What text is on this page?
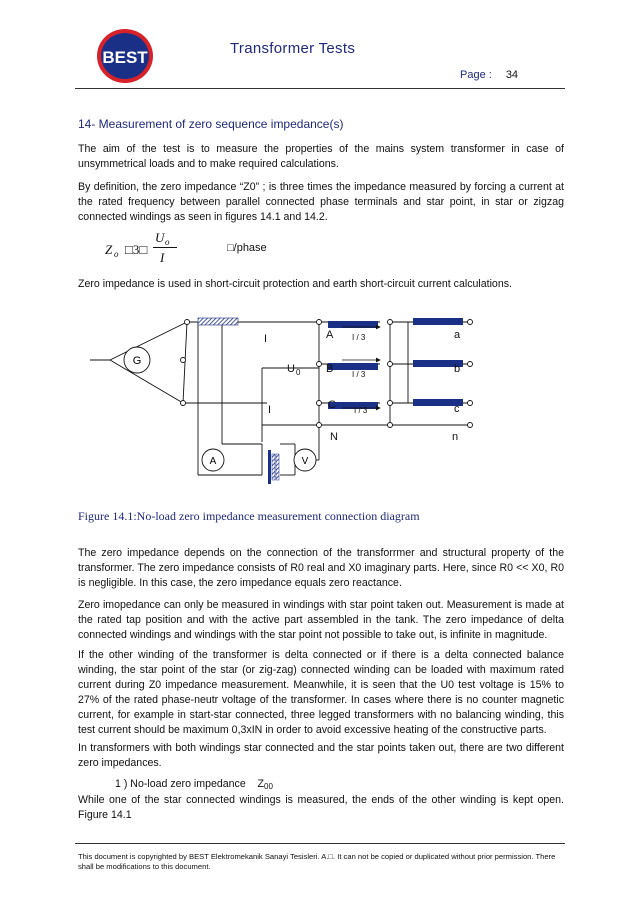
BEST	Transformer Tests
Page : 34
14- Measurement of zero sequence impedance(s)
The aim of the test is to measure the properties of the mains system transformer in case of unsymmetrical loads and to make required calculations.
By definition, the zero impedance “Z0” ; is three times the impedance measured by forcing a current at the rated frequency between parallel connected phase terminals and star point, in star or zigzag connected windings as seen in figures 14.1 and 14.2.
Z o □3□
U o
I
□/phase
Zero impedance is used in short-circuit protection and earth short-circuit current calculations.
G
A	V
I
U 0
I
A
B
C
N
a
b
c
n
I / 3
I / 3
I / 3
Figure 14.1:No-load zero impedance measurement connection diagram
The zero impedance depends on the connection of the transforrmer and structural property of the transformer. The zero impedance consists of R0 real and X0 imaginary parts. Here, since R0 << X0, R0 is negligible. In this case, the zero impedance equals zero reactance.
Zero imopedance can only be measured in windings with star point taken out. Measurement is made at the rated tap position and with the active part assembled in the tank. The zero impedance of delta connected windings and windings with the star point not possible to take out, is infinite in magnitude.
If the other winding of the transformer is delta connected or if there is a delta connected balance winding, the star point of the star (or zig-zag) connected winding can be loaded with maximum rated current during Z0 impedance measurement. Meanwhile, it is seen that the U0 test voltage is 15% to 27% of the rated phase-neutr voltage of the transformer. In cases where there is no counter magnetic current, for example in start-star connected, three legged transformers with no balancing winding, this test current should be maximum 0,3xIN in order to avoid excessive heating of the constructive parts.
In transformers with both windings star connected and the star points taken out, there are two different zero impedances.
1 ) No-load zero impedance $Z_{00}$
While one of the star connected windings is measured, the ends of the other winding is kept open. Figure 14.1
This document is copyrighted by BEST Elektromekanik Sanayi Tesisleri. A.□. It can not be copied or duplicated without prior permission. There shall be modifications to this document.
